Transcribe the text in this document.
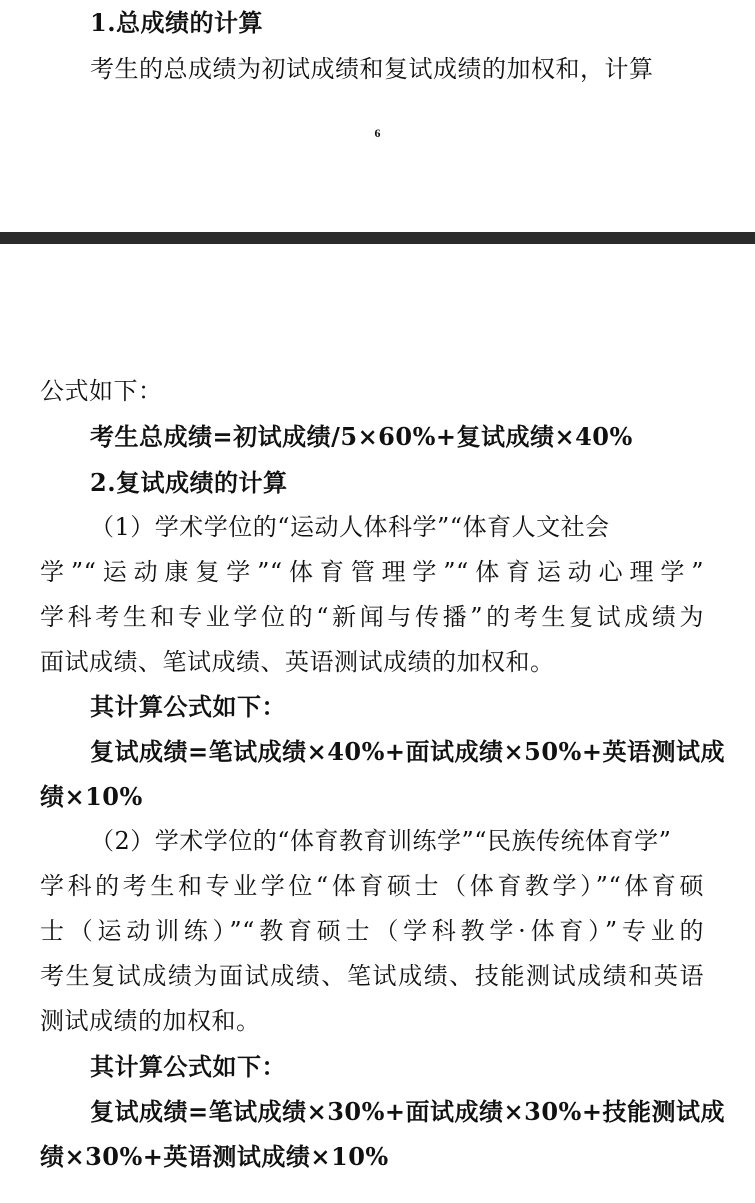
1.总成绩的计算
考生的总成绩为初试成绩和复试成绩的加权和，计算
6
公式如下：
考生总成绩=初试成绩/5×60%+复试成绩×40%
2.复试成绩的计算
（1）学术学位的“运动人体科学”“体育人文社会
学”“运动康复学”“体育管理学”“体育运动心理学”
学科考生和专业学位的“新闻与传播”的考生复试成绩为
面试成绩、笔试成绩、英语测试成绩的加权和。
其计算公式如下：
复试成绩=笔试成绩×40%+面试成绩×50%+英语测试成
绩×10%
（2）学术学位的“体育教育训练学”“民族传统体育学”
学科的考生和专业学位“体育硕士（体育教学）”“体育硕
士（运动训练）”“教育硕士（学科教学·体育）”专业的
考生复试成绩为面试成绩、笔试成绩、技能测试成绩和英语
测试成绩的加权和。
其计算公式如下：
复试成绩=笔试成绩×30%+面试成绩×30%+技能测试成
绩×30%+英语测试成绩×10%
